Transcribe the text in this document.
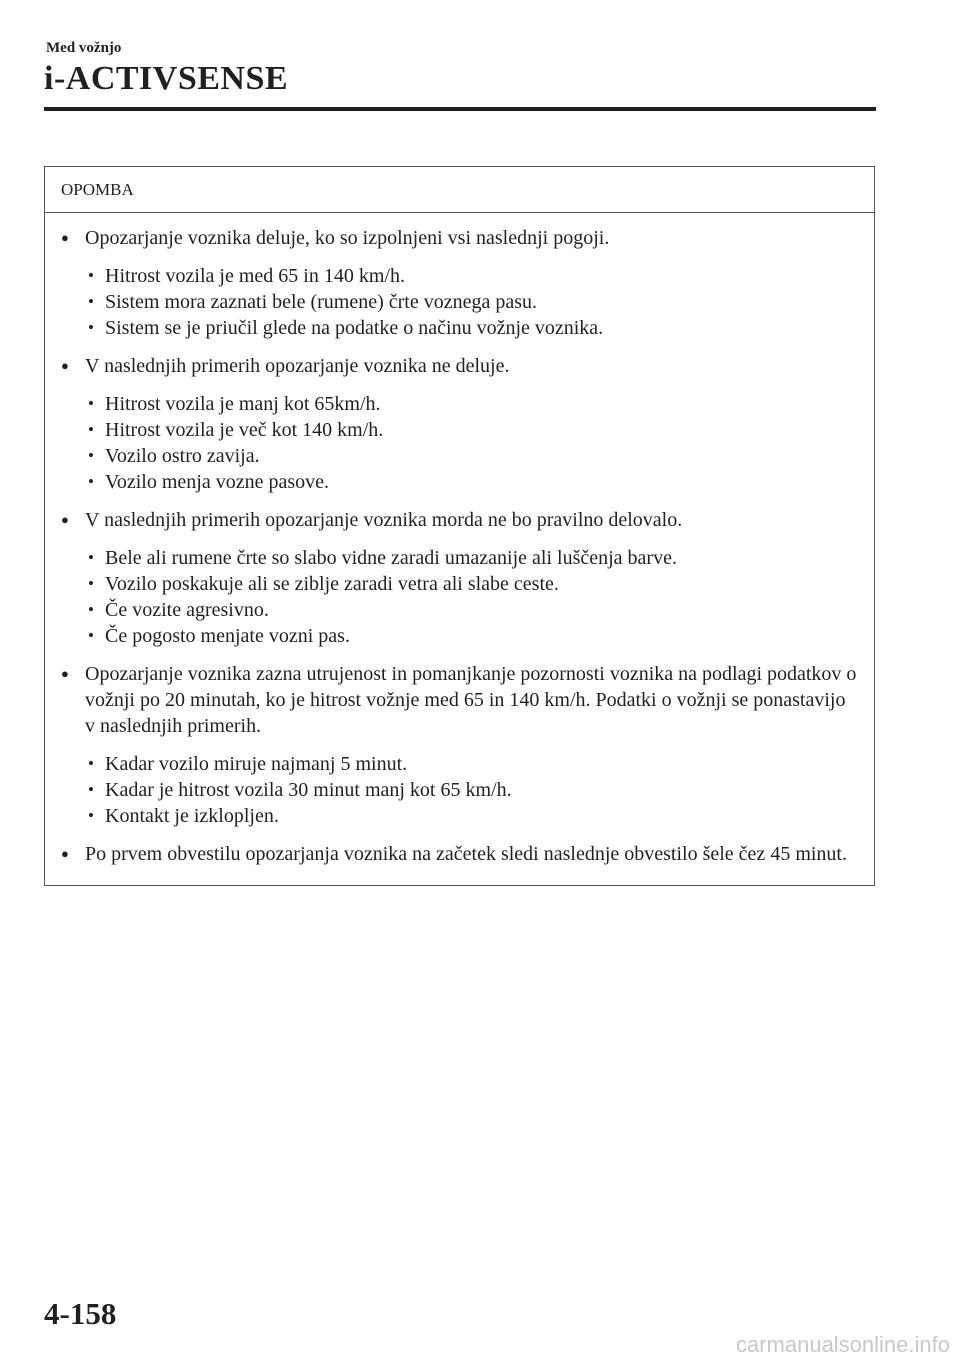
Med vožnjo
i-ACTIVSENSE
OPOMBA
● Opozarjanje voznika deluje, ko so izpolnjeni vsi naslednji pogoji.
• Hitrost vozila je med 65 in 140 km/h.
• Sistem mora zaznati bele (rumene) črte voznega pasu.
• Sistem se je priučil glede na podatke o načinu vožnje voznika.
● V naslednjih primerih opozarjanje voznika ne deluje.
• Hitrost vozila je manj kot 65km/h.
• Hitrost vozila je več kot 140 km/h.
• Vozilo ostro zavija.
• Vozilo menja vozne pasove.
● V naslednjih primerih opozarjanje voznika morda ne bo pravilno delovalo.
• Bele ali rumene črte so slabo vidne zaradi umazanije ali luščenja barve.
• Vozilo poskakuje ali se ziblje zaradi vetra ali slabe ceste.
• Če vozite agresivno.
• Če pogosto menjate vozni pas.
● Opozarjanje voznika zazna utrujenost in pomanjkanje pozornosti voznika na podlagi podatkov o vožnji po 20 minutah, ko je hitrost vožnje med 65 in 140 km/h. Podatki o vožnji se ponastavijo v naslednjih primerih.
• Kadar vozilo miruje najmanj 5 minut.
• Kadar je hitrost vozila 30 minut manj kot 65 km/h.
• Kontakt je izklopljen.
● Po prvem obvestilu opozarjanja voznika na začetek sledi naslednje obvestilo šele čez 45 minut.
4-158
carmanualsonline.info
